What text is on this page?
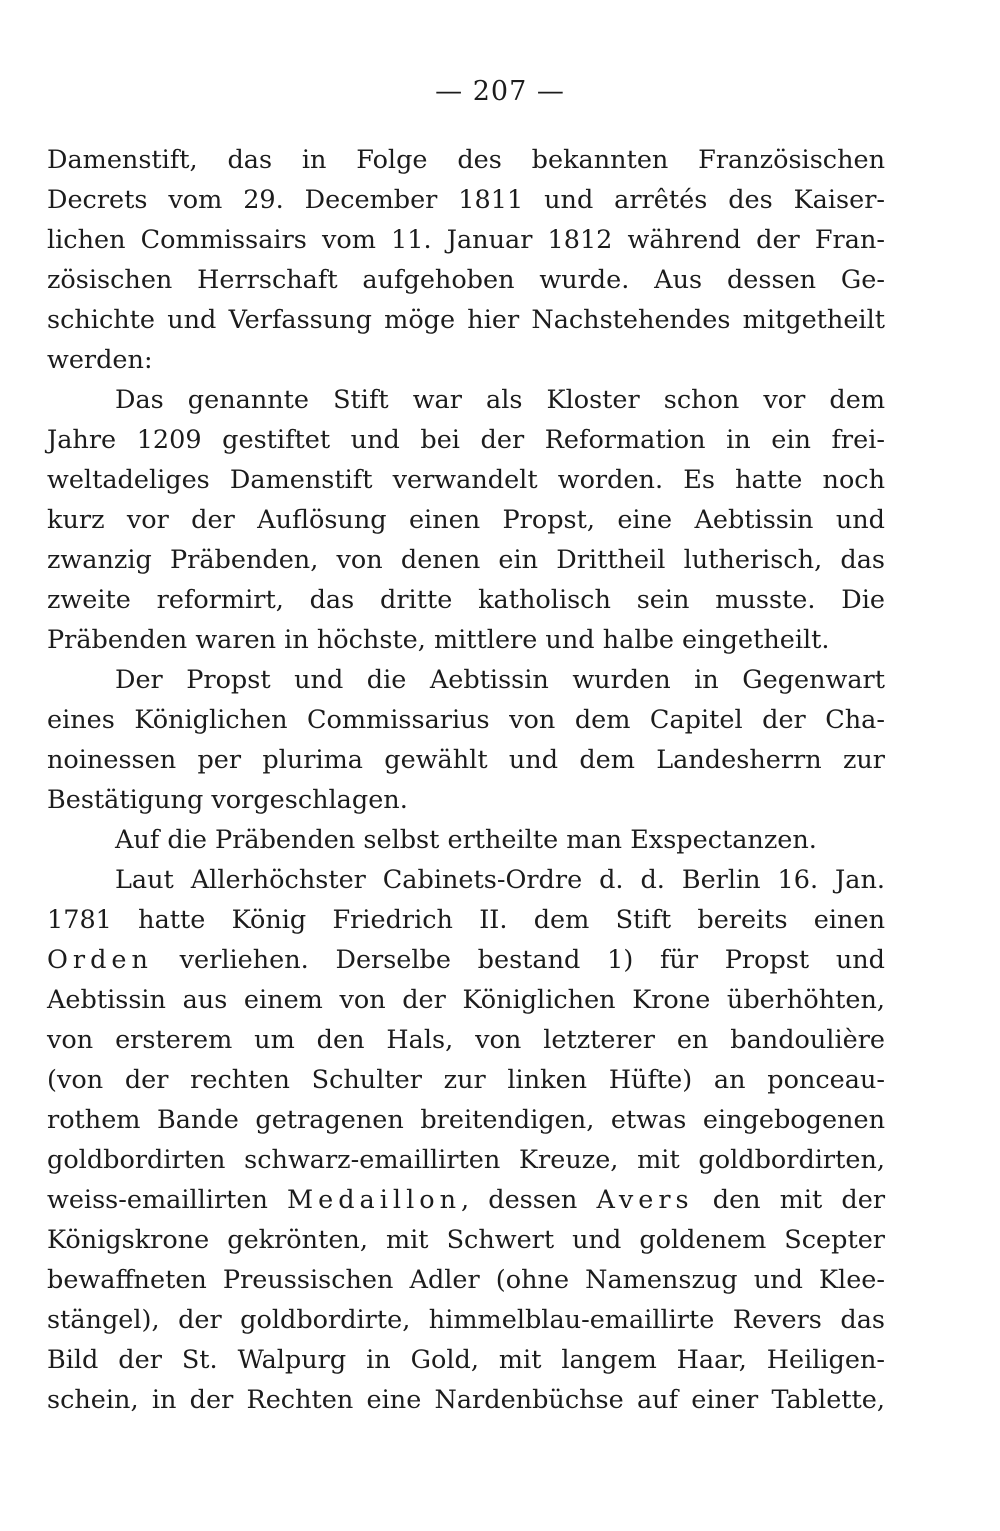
— 207 —
Damenstift, das in Folge des bekannten Französischen
Decrets vom 29. December 1811 und arrêtés des Kaiser-
lichen Commissairs vom 11. Januar 1812 während der Fran-
zösischen Herrschaft aufgehoben wurde. Aus dessen Ge-
schichte und Verfassung möge hier Nachstehendes mitgetheilt
werden:
Das genannte Stift war als Kloster schon vor dem
Jahre 1209 gestiftet und bei der Reformation in ein frei-
weltadeliges Damenstift verwandelt worden. Es hatte noch
kurz vor der Auflösung einen Propst, eine Aebtissin und
zwanzig Präbenden, von denen ein Drittheil lutherisch, das
zweite reformirt, das dritte katholisch sein musste. Die
Präbenden waren in höchste, mittlere und halbe eingetheilt.
Der Propst und die Aebtissin wurden in Gegenwart
eines Königlichen Commissarius von dem Capitel der Cha-
noinessen per plurima gewählt und dem Landesherrn zur
Bestätigung vorgeschlagen.
Auf die Präbenden selbst ertheilte man Exspectanzen.
Laut Allerhöchster Cabinets-Ordre d. d. Berlin 16. Jan.
1781 hatte König Friedrich II. dem Stift bereits einen
Orden verliehen. Derselbe bestand 1) für Propst und
Aebtissin aus einem von der Königlichen Krone überhöhten,
von ersterem um den Hals, von letzterer en bandoulière
(von der rechten Schulter zur linken Hüfte) an ponceau-
rothem Bande getragenen breitendigen, etwas eingebogenen
goldbordirten schwarz-emaillirten Kreuze, mit goldbordirten,
weiss-emaillirten Medaillon, dessen Avers den mit der
Königskrone gekrönten, mit Schwert und goldenem Scepter
bewaffneten Preussischen Adler (ohne Namenszug und Klee-
stängel), der goldbordirte, himmelblau-emaillirte Revers das
Bild der St. Walpurg in Gold, mit langem Haar, Heiligen-
schein, in der Rechten eine Nardenbüchse auf einer Tablette,
